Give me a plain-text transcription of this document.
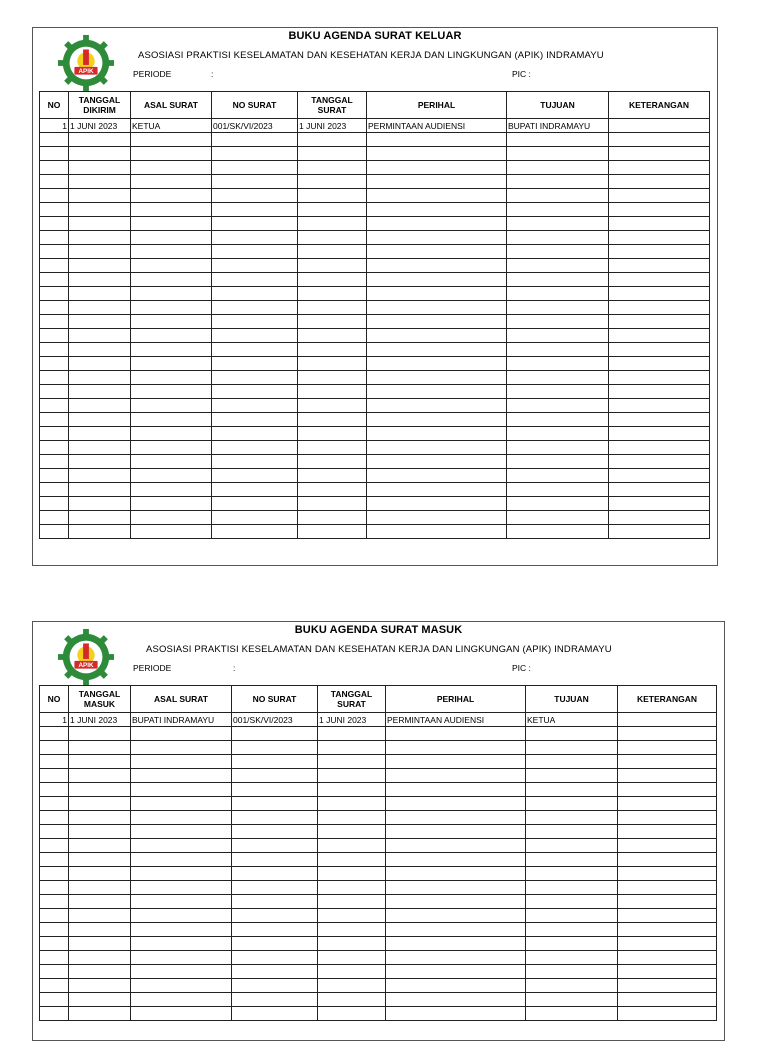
APIK
BUKU AGENDA SURAT KELUAR
ASOSIASI PRAKTISI KESELAMATAN DAN KESEHATAN KERJA DAN LINGKUNGAN (APIK) INDRAMAYU
PERIODE	:	PIC :
NO	TANGGAL DIKIRIM	ASAL SURAT	NO SURAT	TANGGAL SURAT	PERIHAL	TUJUAN	KETERANGAN
1	1 JUNI 2023	KETUA	001/SK/VI/2023	1 JUNI 2023	PERMINTAAN AUDIENSI	BUPATI INDRAMAYU	

APIK
BUKU AGENDA SURAT MASUK
ASOSIASI PRAKTISI KESELAMATAN DAN KESEHATAN KERJA DAN LINGKUNGAN (APIK) INDRAMAYU
PERIODE	:	PIC :
NO	TANGGAL MASUK	ASAL SURAT	NO SURAT	TANGGAL SURAT	PERIHAL	TUJUAN	KETERANGAN
1	1 JUNI 2023	BUPATI INDRAMAYU	001/SK/VI/2023	1 JUNI 2023	PERMINTAAN AUDIENSI	KETUA	
